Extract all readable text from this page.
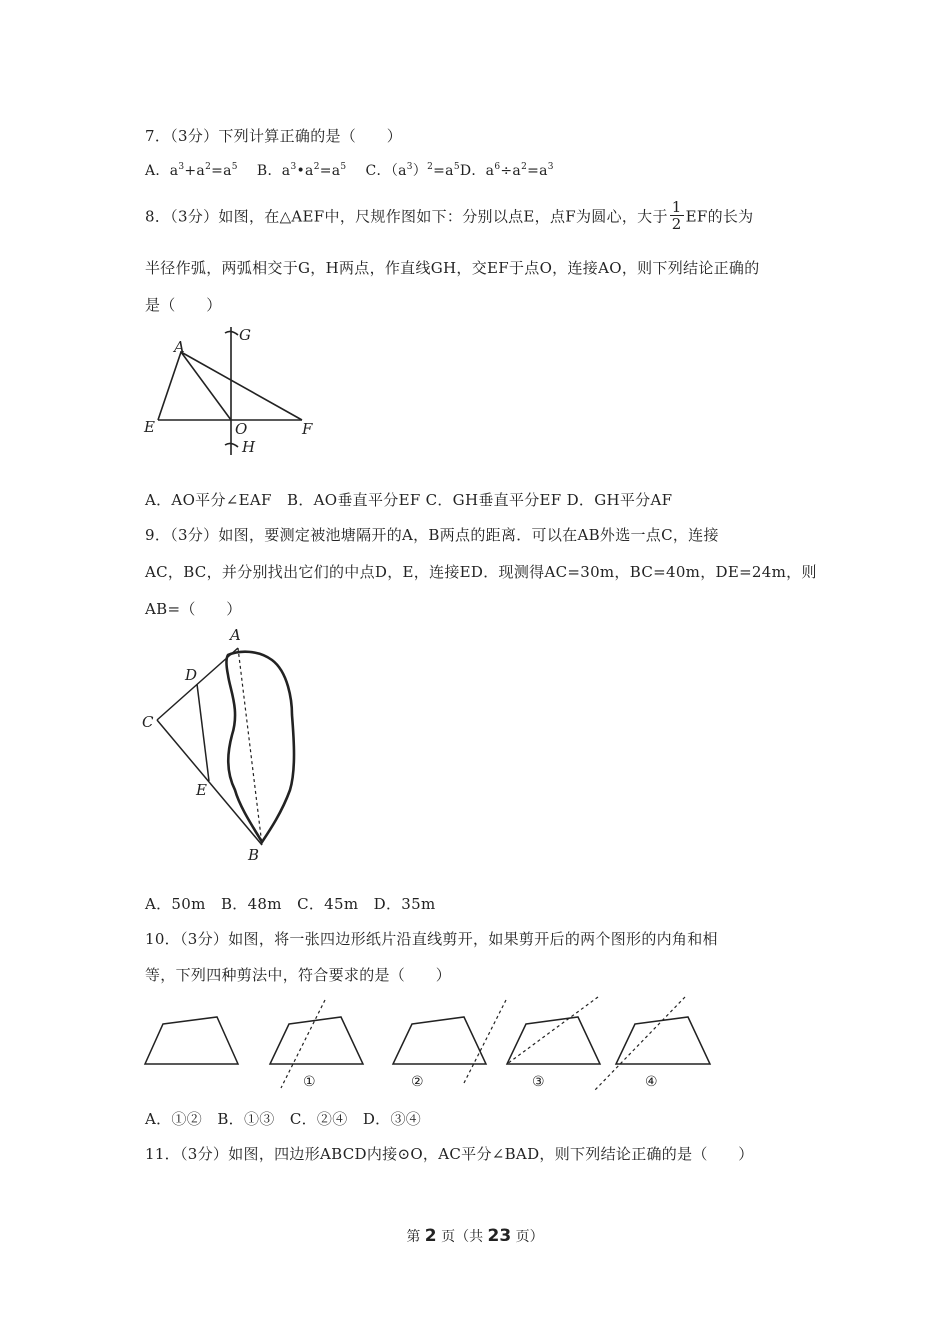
7．（3分）下列计算正确的是（　　）
A．$a^3+a^2=a^5$ 　B．$a^3•a^2=a^5$ 　C．$(a^3)^2=a^5D$．$a^6\div a^2=a^3$
8．（3分）如图，在△AEF中，尺规作图如下：分别以点E，点F为圆心，大于 $\frac{1}{2}$ EF的长为
半径作弧，两弧相交于G，H两点，作直线GH，交EF于点O，连接AO，则下列结论正确的
是（　　）
A
E	F
O
G
H
A．AO平分∠EAF　B．AO垂直平分EF C．GH垂直平分EF D．GH平分AF
9．（3分）如图，要测定被池塘隔开的A，B两点的距离．可以在AB外选一点C，连接
AC，BC，并分别找出它们的中点D，E，连接ED．现测得AC=30m，BC=40m，DE=24m，则
AB=（　　）
A
D
C
E
B
A．50m　B．48m　C．45m　D．35m
10．（3分）如图，将一张四边形纸片沿直线剪开，如果剪开后的两个图形的内角和相
等，下列四种剪法中，符合要求的是（　　）
①	②	③	④
A．①②　B．①③　C．②④　D．③④
11．（3分）如图，四边形ABCD内接⊙O，AC平分∠BAD，则下列结论正确的是（　　）
第 2 页（共 23 页）
